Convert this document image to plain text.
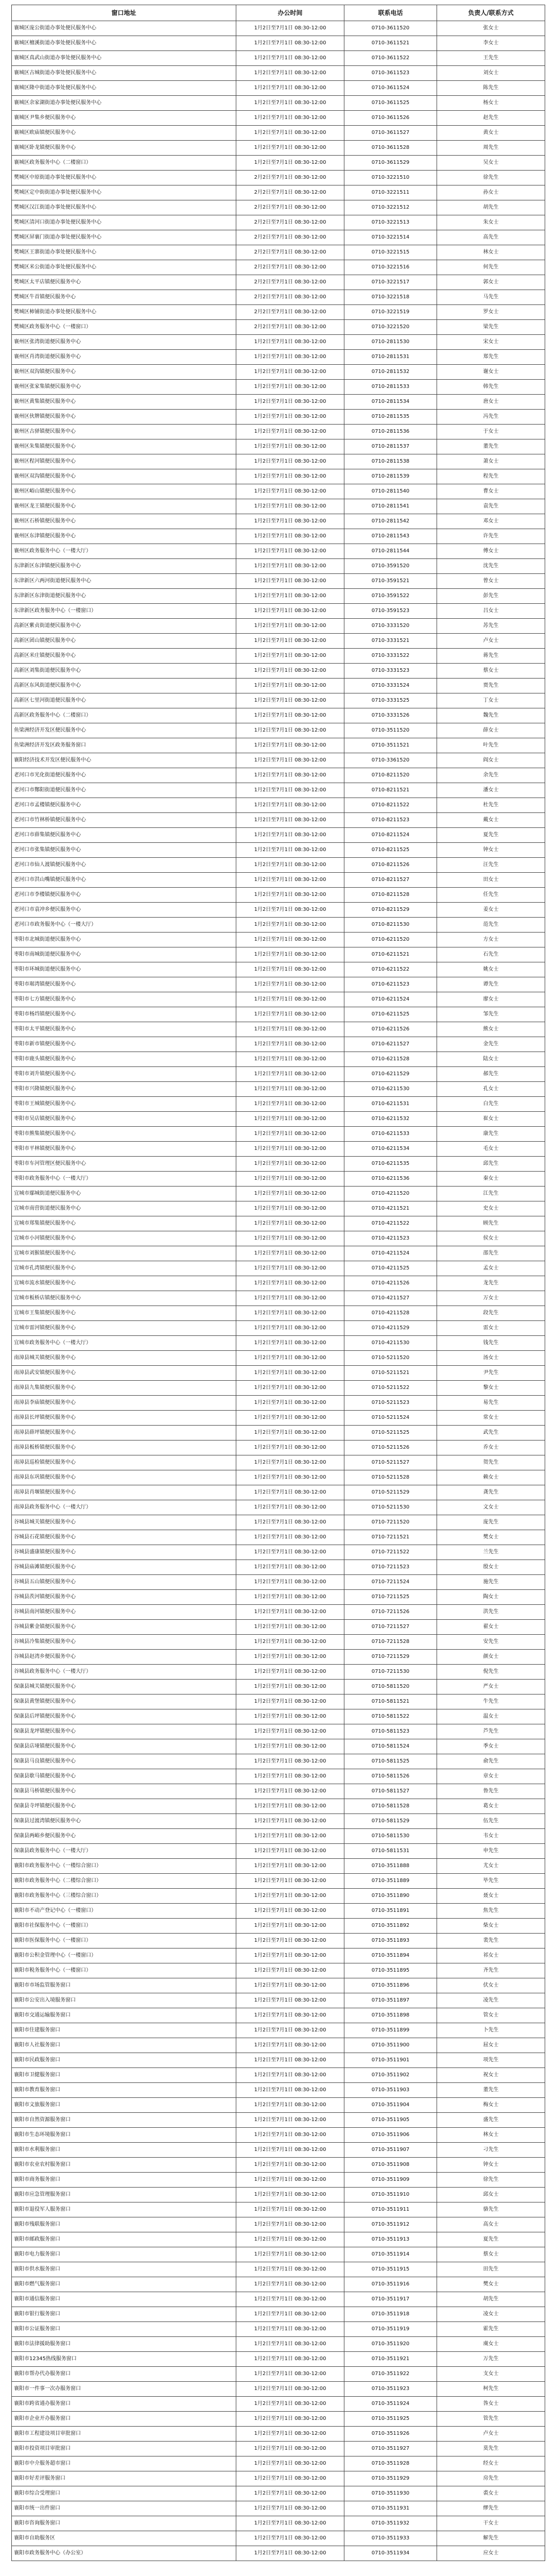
窗口地址	办公时间	联系电话	负责人/联系方式
襄城区庞公街道办事处便民服务中心	1月2日至7月1日 08:30-12:00	0710-3611520	张女士
襄城区檀溪街道办事处便民服务中心	1月2日至7月1日 08:30-12:00	0710-3611521	李女士
襄城区真武山街道办事处便民服务中心	1月2日至7月1日 08:30-12:00	0710-3611522	王先生
襄城区古城街道办事处便民服务中心	1月2日至7月1日 08:30-12:00	0710-3611523	刘女士
襄城区隆中街道办事处便民服务中心	1月2日至7月1日 08:30-12:00	0710-3611524	陈先生
襄城区余家湖街道办事处便民服务中心	1月2日至7月1日 08:30-12:00	0710-3611525	杨女士
襄城区尹集乡便民服务中心	1月2日至7月1日 08:30-12:00	0710-3611526	赵先生
襄城区欧庙镇便民服务中心	1月2日至7月1日 08:30-12:00	0710-3611527	黄女士
襄城区卧龙镇便民服务中心	1月2日至7月1日 08:30-12:00	0710-3611528	周先生
襄城区政务服务中心（二楼窗口）	1月2日至7月1日 08:30-12:00	0710-3611529	吴女士
樊城区中原街道办事处便民服务中心	2月2日至7月1日 08:30-12:00	0710-3221510	徐先生
樊城区定中街街道办事处便民服务中心	2月2日至7月1日 08:30-12:00	0710-3221511	孙女士
樊城区汉江街道办事处便民服务中心	2月2日至7月1日 08:30-12:00	0710-3221512	胡先生
樊城区清河口街道办事处便民服务中心	2月2日至7月1日 08:30-12:00	0710-3221513	朱女士
樊城区屏襄门街道办事处便民服务中心	2月2日至7月1日 08:30-12:00	0710-3221514	高先生
樊城区王寨街道办事处便民服务中心	2月2日至7月1日 08:30-12:00	0710-3221515	林女士
樊城区米公街道办事处便民服务中心	2月2日至7月1日 08:30-12:00	0710-3221516	何先生
樊城区太平店镇便民服务中心	2月2日至7月1日 08:30-12:00	0710-3221517	郭女士
樊城区牛首镇便民服务中心	2月2日至7月1日 08:30-12:00	0710-3221518	马先生
樊城区柿铺街道办事处便民服务中心	2月2日至7月1日 08:30-12:00	0710-3221519	罗女士
樊城区政务服务中心（一楼窗口）	2月2日至7月1日 08:30-12:00	0710-3221520	梁先生
襄州区张湾街道便民服务中心	1月2日至7月1日 08:30-12:00	0710-2811530	宋女士
襄州区肖湾街道便民服务中心	1月2日至7月1日 08:30-12:00	0710-2811531	郑先生
襄州区双沟镇便民服务中心	1月2日至7月1日 08:30-12:00	0710-2811532	谢女士
襄州区张家集镇便民服务中心	1月2日至7月1日 08:30-12:00	0710-2811533	韩先生
襄州区黄集镇便民服务中心	1月2日至7月1日 08:30-12:00	0710-2811534	唐女士
襄州区伙牌镇便民服务中心	1月2日至7月1日 08:30-12:00	0710-2811535	冯先生
襄州区古驿镇便民服务中心	1月2日至7月1日 08:30-12:00	0710-2811536	于女士
襄州区朱集镇便民服务中心	1月2日至7月1日 08:30-12:00	0710-2811537	董先生
襄州区程河镇便民服务中心	1月2日至7月1日 08:30-12:00	0710-2811538	萧女士
襄州区双沟镇便民服务中心	1月2日至7月1日 08:30-12:00	0710-2811539	程先生
襄州区峪山镇便民服务中心	1月2日至7月1日 08:30-12:00	0710-2811540	曹女士
襄州区龙王镇便民服务中心	1月2日至7月1日 08:30-12:00	0710-2811541	袁先生
襄州区石桥镇便民服务中心	1月2日至7月1日 08:30-12:00	0710-2811542	邓女士
襄州区东津镇便民服务中心	1月2日至7月1日 08:30-12:00	0710-2811543	许先生
襄州区政务服务中心（一楼大厅）	1月2日至7月1日 08:30-12:00	0710-2811544	傅女士
东津新区东津镇便民服务中心	1月2日至7月1日 08:30-12:00	0710-3591520	沈先生
东津新区六两河街道便民服务中心	1月2日至7月1日 08:30-12:00	0710-3591521	曾女士
东津新区东津街道便民服务中心	1月2日至7月1日 08:30-12:00	0710-3591522	彭先生
东津新区政务服务中心（一楼窗口）	1月2日至7月1日 08:30-12:00	0710-3591523	吕女士
高新区紫贞街道便民服务中心	1月2日至7月1日 08:30-12:00	0710-3331520	苏先生
高新区团山镇便民服务中心	1月2日至7月1日 08:30-12:00	0710-3331521	卢女士
高新区米庄镇便民服务中心	1月2日至7月1日 08:30-12:00	0710-3331522	蒋先生
高新区刘集街道便民服务中心	1月2日至7月1日 08:30-12:00	0710-3331523	蔡女士
高新区东风街道便民服务中心	1月2日至7月1日 08:30-12:00	0710-3331524	贾先生
高新区七里河街道便民服务中心	1月2日至7月1日 08:30-12:00	0710-3331525	丁女士
高新区政务服务中心（二楼窗口）	1月2日至7月1日 08:30-12:00	0710-3331526	魏先生
鱼梁洲经济开发区便民服务中心	1月2日至7月1日 08:30-12:00	0710-3511520	薛女士
鱼梁洲经济开发区政务服务窗口	1月2日至7月1日 08:30-12:00	0710-3511521	叶先生
襄阳经济技术开发区便民服务中心	1月2日至7月1日 08:30-12:00	0710-3361520	阎女士
老河口市光化街道便民服务中心	1月2日至7月1日 08:30-12:00	0710-8211520	余先生
老河口市酂阳街道便民服务中心	1月2日至7月1日 08:30-12:00	0710-8211521	潘女士
老河口市孟楼镇便民服务中心	1月2日至7月1日 08:30-12:00	0710-8211522	杜先生
老河口市竹林桥镇便民服务中心	1月2日至7月1日 08:30-12:00	0710-8211523	戴女士
老河口市薛集镇便民服务中心	1月2日至7月1日 08:30-12:00	0710-8211524	夏先生
老河口市张集镇便民服务中心	1月2日至7月1日 08:30-12:00	0710-8211525	钟女士
老河口市仙人渡镇便民服务中心	1月2日至7月1日 08:30-12:00	0710-8211526	汪先生
老河口市洪山嘴镇便民服务中心	1月2日至7月1日 08:30-12:00	0710-8211527	田女士
老河口市李楼镇便民服务中心	1月2日至7月1日 08:30-12:00	0710-8211528	任先生
老河口市袁冲乡便民服务中心	1月2日至7月1日 08:30-12:00	0710-8211529	姜女士
老河口市政务服务中心（一楼大厅）	1月2日至7月1日 08:30-12:00	0710-8211530	范先生
枣阳市北城街道便民服务中心	1月2日至7月1日 08:30-12:00	0710-6211520	方女士
枣阳市南城街道便民服务中心	1月2日至7月1日 08:30-12:00	0710-6211521	石先生
枣阳市环城街道便民服务中心	1月2日至7月1日 08:30-12:00	0710-6211522	姚女士
枣阳市琚湾镇便民服务中心	1月2日至7月1日 08:30-12:00	0710-6211523	谭先生
枣阳市七方镇便民服务中心	1月2日至7月1日 08:30-12:00	0710-6211524	廖女士
枣阳市杨垱镇便民服务中心	1月2日至7月1日 08:30-12:00	0710-6211525	邹先生
枣阳市太平镇便民服务中心	1月2日至7月1日 08:30-12:00	0710-6211526	熊女士
枣阳市新市镇便民服务中心	1月2日至7月1日 08:30-12:00	0710-6211527	金先生
枣阳市鹿头镇便民服务中心	1月2日至7月1日 08:30-12:00	0710-6211528	陆女士
枣阳市刘升镇便民服务中心	1月2日至7月1日 08:30-12:00	0710-6211529	郝先生
枣阳市兴隆镇便民服务中心	1月2日至7月1日 08:30-12:00	0710-6211530	孔女士
枣阳市王城镇便民服务中心	1月2日至7月1日 08:30-12:00	0710-6211531	白先生
枣阳市吴店镇便民服务中心	1月2日至7月1日 08:30-12:00	0710-6211532	崔女士
枣阳市熊集镇便民服务中心	1月2日至7月1日 08:30-12:00	0710-6211533	康先生
枣阳市平林镇便民服务中心	1月2日至7月1日 08:30-12:00	0710-6211534	毛女士
枣阳市车河管理区便民服务中心	1月2日至7月1日 08:30-12:00	0710-6211535	邱先生
枣阳市政务服务中心（一楼大厅）	1月2日至7月1日 08:30-12:00	0710-6211536	秦女士
宜城市鄢城街道便民服务中心	1月2日至7月1日 08:30-12:00	0710-4211520	江先生
宜城市南营街道便民服务中心	1月2日至7月1日 08:30-12:00	0710-4211521	史女士
宜城市郑集镇便民服务中心	1月2日至7月1日 08:30-12:00	0710-4211522	顾先生
宜城市小河镇便民服务中心	1月2日至7月1日 08:30-12:00	0710-4211523	侯女士
宜城市刘猴镇便民服务中心	1月2日至7月1日 08:30-12:00	0710-4211524	邵先生
宜城市孔湾镇便民服务中心	1月2日至7月1日 08:30-12:00	0710-4211525	孟女士
宜城市流水镇便民服务中心	1月2日至7月1日 08:30-12:00	0710-4211526	龙先生
宜城市板桥店镇便民服务中心	1月2日至7月1日 08:30-12:00	0710-4211527	万女士
宜城市王集镇便民服务中心	1月2日至7月1日 08:30-12:00	0710-4211528	段先生
宜城市雷河镇便民服务中心	1月2日至7月1日 08:30-12:00	0710-4211529	雷女士
宜城市政务服务中心（一楼大厅）	1月2日至7月1日 08:30-12:00	0710-4211530	钱先生
南漳县城关镇便民服务中心	1月2日至7月1日 08:30-12:00	0710-5211520	汤女士
南漳县武安镇便民服务中心	1月2日至7月1日 08:30-12:00	0710-5211521	尹先生
南漳县九集镇便民服务中心	1月2日至7月1日 08:30-12:00	0710-5211522	黎女士
南漳县李庙镇便民服务中心	1月2日至7月1日 08:30-12:00	0710-5211523	易先生
南漳县长坪镇便民服务中心	1月2日至7月1日 08:30-12:00	0710-5211524	常女士
南漳县薛坪镇便民服务中心	1月2日至7月1日 08:30-12:00	0710-5211525	武先生
南漳县板桥镇便民服务中心	1月2日至7月1日 08:30-12:00	0710-5211526	乔女士
南漳县巡检镇便民服务中心	1月2日至7月1日 08:30-12:00	0710-5211527	贺先生
南漳县东巩镇便民服务中心	1月2日至7月1日 08:30-12:00	0710-5211528	赖女士
南漳县肖堰镇便民服务中心	1月2日至7月1日 08:30-12:00	0710-5211529	龚先生
南漳县政务服务中心（一楼大厅）	1月2日至7月1日 08:30-12:00	0710-5211530	文女士
谷城县城关镇便民服务中心	1月2日至7月1日 08:30-12:00	0710-7211520	庞先生
谷城县石花镇便民服务中心	1月2日至7月1日 08:30-12:00	0710-7211521	樊女士
谷城县盛康镇便民服务中心	1月2日至7月1日 08:30-12:00	0710-7211522	兰先生
谷城县庙滩镇便民服务中心	1月2日至7月1日 08:30-12:00	0710-7211523	殷女士
谷城县五山镇便民服务中心	1月2日至7月1日 08:30-12:00	0710-7211524	施先生
谷城县茨河镇便民服务中心	1月2日至7月1日 08:30-12:00	0710-7211525	陶女士
谷城县南河镇便民服务中心	1月2日至7月1日 08:30-12:00	0710-7211526	洪先生
谷城县紫金镇便民服务中心	1月2日至7月1日 08:30-12:00	0710-7211527	翟女士
谷城县冷集镇便民服务中心	1月2日至7月1日 08:30-12:00	0710-7211528	安先生
谷城县赵湾乡便民服务中心	1月2日至7月1日 08:30-12:00	0710-7211529	颜女士
谷城县政务服务中心（一楼大厅）	1月2日至7月1日 08:30-12:00	0710-7211530	倪先生
保康县城关镇便民服务中心	1月2日至7月1日 08:30-12:00	0710-5811520	严女士
保康县黄堡镇便民服务中心	1月2日至7月1日 08:30-12:00	0710-5811521	牛先生
保康县后坪镇便民服务中心	1月2日至7月1日 08:30-12:00	0710-5811522	温女士
保康县龙坪镇便民服务中心	1月2日至7月1日 08:30-12:00	0710-5811523	芦先生
保康县店垭镇便民服务中心	1月2日至7月1日 08:30-12:00	0710-5811524	季女士
保康县马良镇便民服务中心	1月2日至7月1日 08:30-12:00	0710-5811525	俞先生
保康县歇马镇便民服务中心	1月2日至7月1日 08:30-12:00	0710-5811526	章女士
保康县马桥镇便民服务中心	1月2日至7月1日 08:30-12:00	0710-5811527	鲁先生
保康县寺坪镇便民服务中心	1月2日至7月1日 08:30-12:00	0710-5811528	葛女士
保康县过渡湾镇便民服务中心	1月2日至7月1日 08:30-12:00	0710-5811529	伍先生
保康县两峪乡便民服务中心	1月2日至7月1日 08:30-12:00	0710-5811530	韦女士
保康县政务服务中心（一楼大厅）	1月2日至7月1日 08:30-12:00	0710-5811531	申先生
襄阳市政务服务中心（一楼综合窗口）	1月2日至7月1日 08:30-12:00	0710-3511888	尤女士
襄阳市政务服务中心（二楼综合窗口）	1月2日至7月1日 08:30-12:00	0710-3511889	毕先生
襄阳市政务服务中心（三楼综合窗口）	1月2日至7月1日 08:30-12:00	0710-3511890	聂女士
襄阳市不动产登记中心（一楼窗口）	1月2日至7月1日 08:30-12:00	0710-3511891	焦先生
襄阳市社保服务中心（一楼窗口）	1月2日至7月1日 08:30-12:00	0710-3511892	柴女士
襄阳市医保服务中心（一楼窗口）	1月2日至7月1日 08:30-12:00	0710-3511893	裴先生
襄阳市公积金管理中心（一楼窗口）	1月2日至7月1日 08:30-12:00	0710-3511894	祁女士
襄阳市税务服务中心（一楼窗口）	1月2日至7月1日 08:30-12:00	0710-3511895	齐先生
襄阳市市场监管服务窗口	1月2日至7月1日 08:30-12:00	0710-3511896	伏女士
襄阳市公安出入境服务窗口	1月2日至7月1日 08:30-12:00	0710-3511897	凌先生
襄阳市交通运输服务窗口	1月2日至7月1日 08:30-12:00	0710-3511898	管女士
襄阳市住建服务窗口	1月2日至7月1日 08:30-12:00	0710-3511899	卜先生
襄阳市人社服务窗口	1月2日至7月1日 08:30-12:00	0710-3511900	屈女士
襄阳市民政服务窗口	1月2日至7月1日 08:30-12:00	0710-3511901	项先生
襄阳市卫健服务窗口	1月2日至7月1日 08:30-12:00	0710-3511902	祝女士
襄阳市教育服务窗口	1月2日至7月1日 08:30-12:00	0710-3511903	董先生
襄阳市文旅服务窗口	1月2日至7月1日 08:30-12:00	0710-3511904	梅女士
襄阳市自然资源服务窗口	1月2日至7月1日 08:30-12:00	0710-3511905	盛先生
襄阳市生态环境服务窗口	1月2日至7月1日 08:30-12:00	0710-3511906	林女士
襄阳市水利服务窗口	1月2日至7月1日 08:30-12:00	0710-3511907	刁先生
襄阳市农业农村服务窗口	1月2日至7月1日 08:30-12:00	0710-3511908	钟女士
襄阳市商务服务窗口	1月2日至7月1日 08:30-12:00	0710-3511909	徐先生
襄阳市应急管理服务窗口	1月2日至7月1日 08:30-12:00	0710-3511910	邱女士
襄阳市退役军人服务窗口	1月2日至7月1日 08:30-12:00	0710-3511911	骆先生
襄阳市残联服务窗口	1月2日至7月1日 08:30-12:00	0710-3511912	高女士
襄阳市邮政服务窗口	1月2日至7月1日 08:30-12:00	0710-3511913	夏先生
襄阳市电力服务窗口	1月2日至7月1日 08:30-12:00	0710-3511914	蔡女士
襄阳市供水服务窗口	1月2日至7月1日 08:30-12:00	0710-3511915	田先生
襄阳市燃气服务窗口	1月2日至7月1日 08:30-12:00	0710-3511916	樊女士
襄阳市通信服务窗口	1月2日至7月1日 08:30-12:00	0710-3511917	胡先生
襄阳市银行服务窗口	1月2日至7月1日 08:30-12:00	0710-3511918	凌女士
襄阳市公证服务窗口	1月2日至7月1日 08:30-12:00	0710-3511919	霍先生
襄阳市法律援助服务窗口	1月2日至7月1日 08:30-12:00	0710-3511920	虞女士
襄阳市12345热线服务窗口	1月2日至7月1日 08:30-12:00	0710-3511921	万先生
襄阳市帮办代办服务窗口	1月2日至7月1日 08:30-12:00	0710-3511922	支女士
襄阳市一件事一次办服务窗口	1月2日至7月1日 08:30-12:00	0710-3511923	柯先生
襄阳市跨省通办服务窗口	1月2日至7月1日 08:30-12:00	0710-3511924	咎女士
襄阳市企业开办服务窗口	1月2日至7月1日 08:30-12:00	0710-3511925	管先生
襄阳市工程建设项目审批窗口	1月2日至7月1日 08:30-12:00	0710-3511926	卢女士
襄阳市投资项目审批窗口	1月2日至7月1日 08:30-12:00	0710-3511927	莫先生
襄阳市中介服务超市窗口	1月2日至7月1日 08:30-12:00	0710-3511928	经女士
襄阳市好差评服务窗口	1月2日至7月1日 08:30-12:00	0710-3511929	房先生
襄阳市综合受理窗口	1月2日至7月1日 08:30-12:00	0710-3511930	裘女士
襄阳市统一出件窗口	1月2日至7月1日 08:30-12:00	0710-3511931	缪先生
襄阳市咨询服务窗口	1月2日至7月1日 08:30-12:00	0710-3511932	干女士
襄阳市自助服务区	1月2日至7月1日 08:30-12:00	0710-3511933	解先生
襄阳市政务服务中心（办公室）	1月2日至7月1日 08:30-12:00	0710-3511934	应女士
